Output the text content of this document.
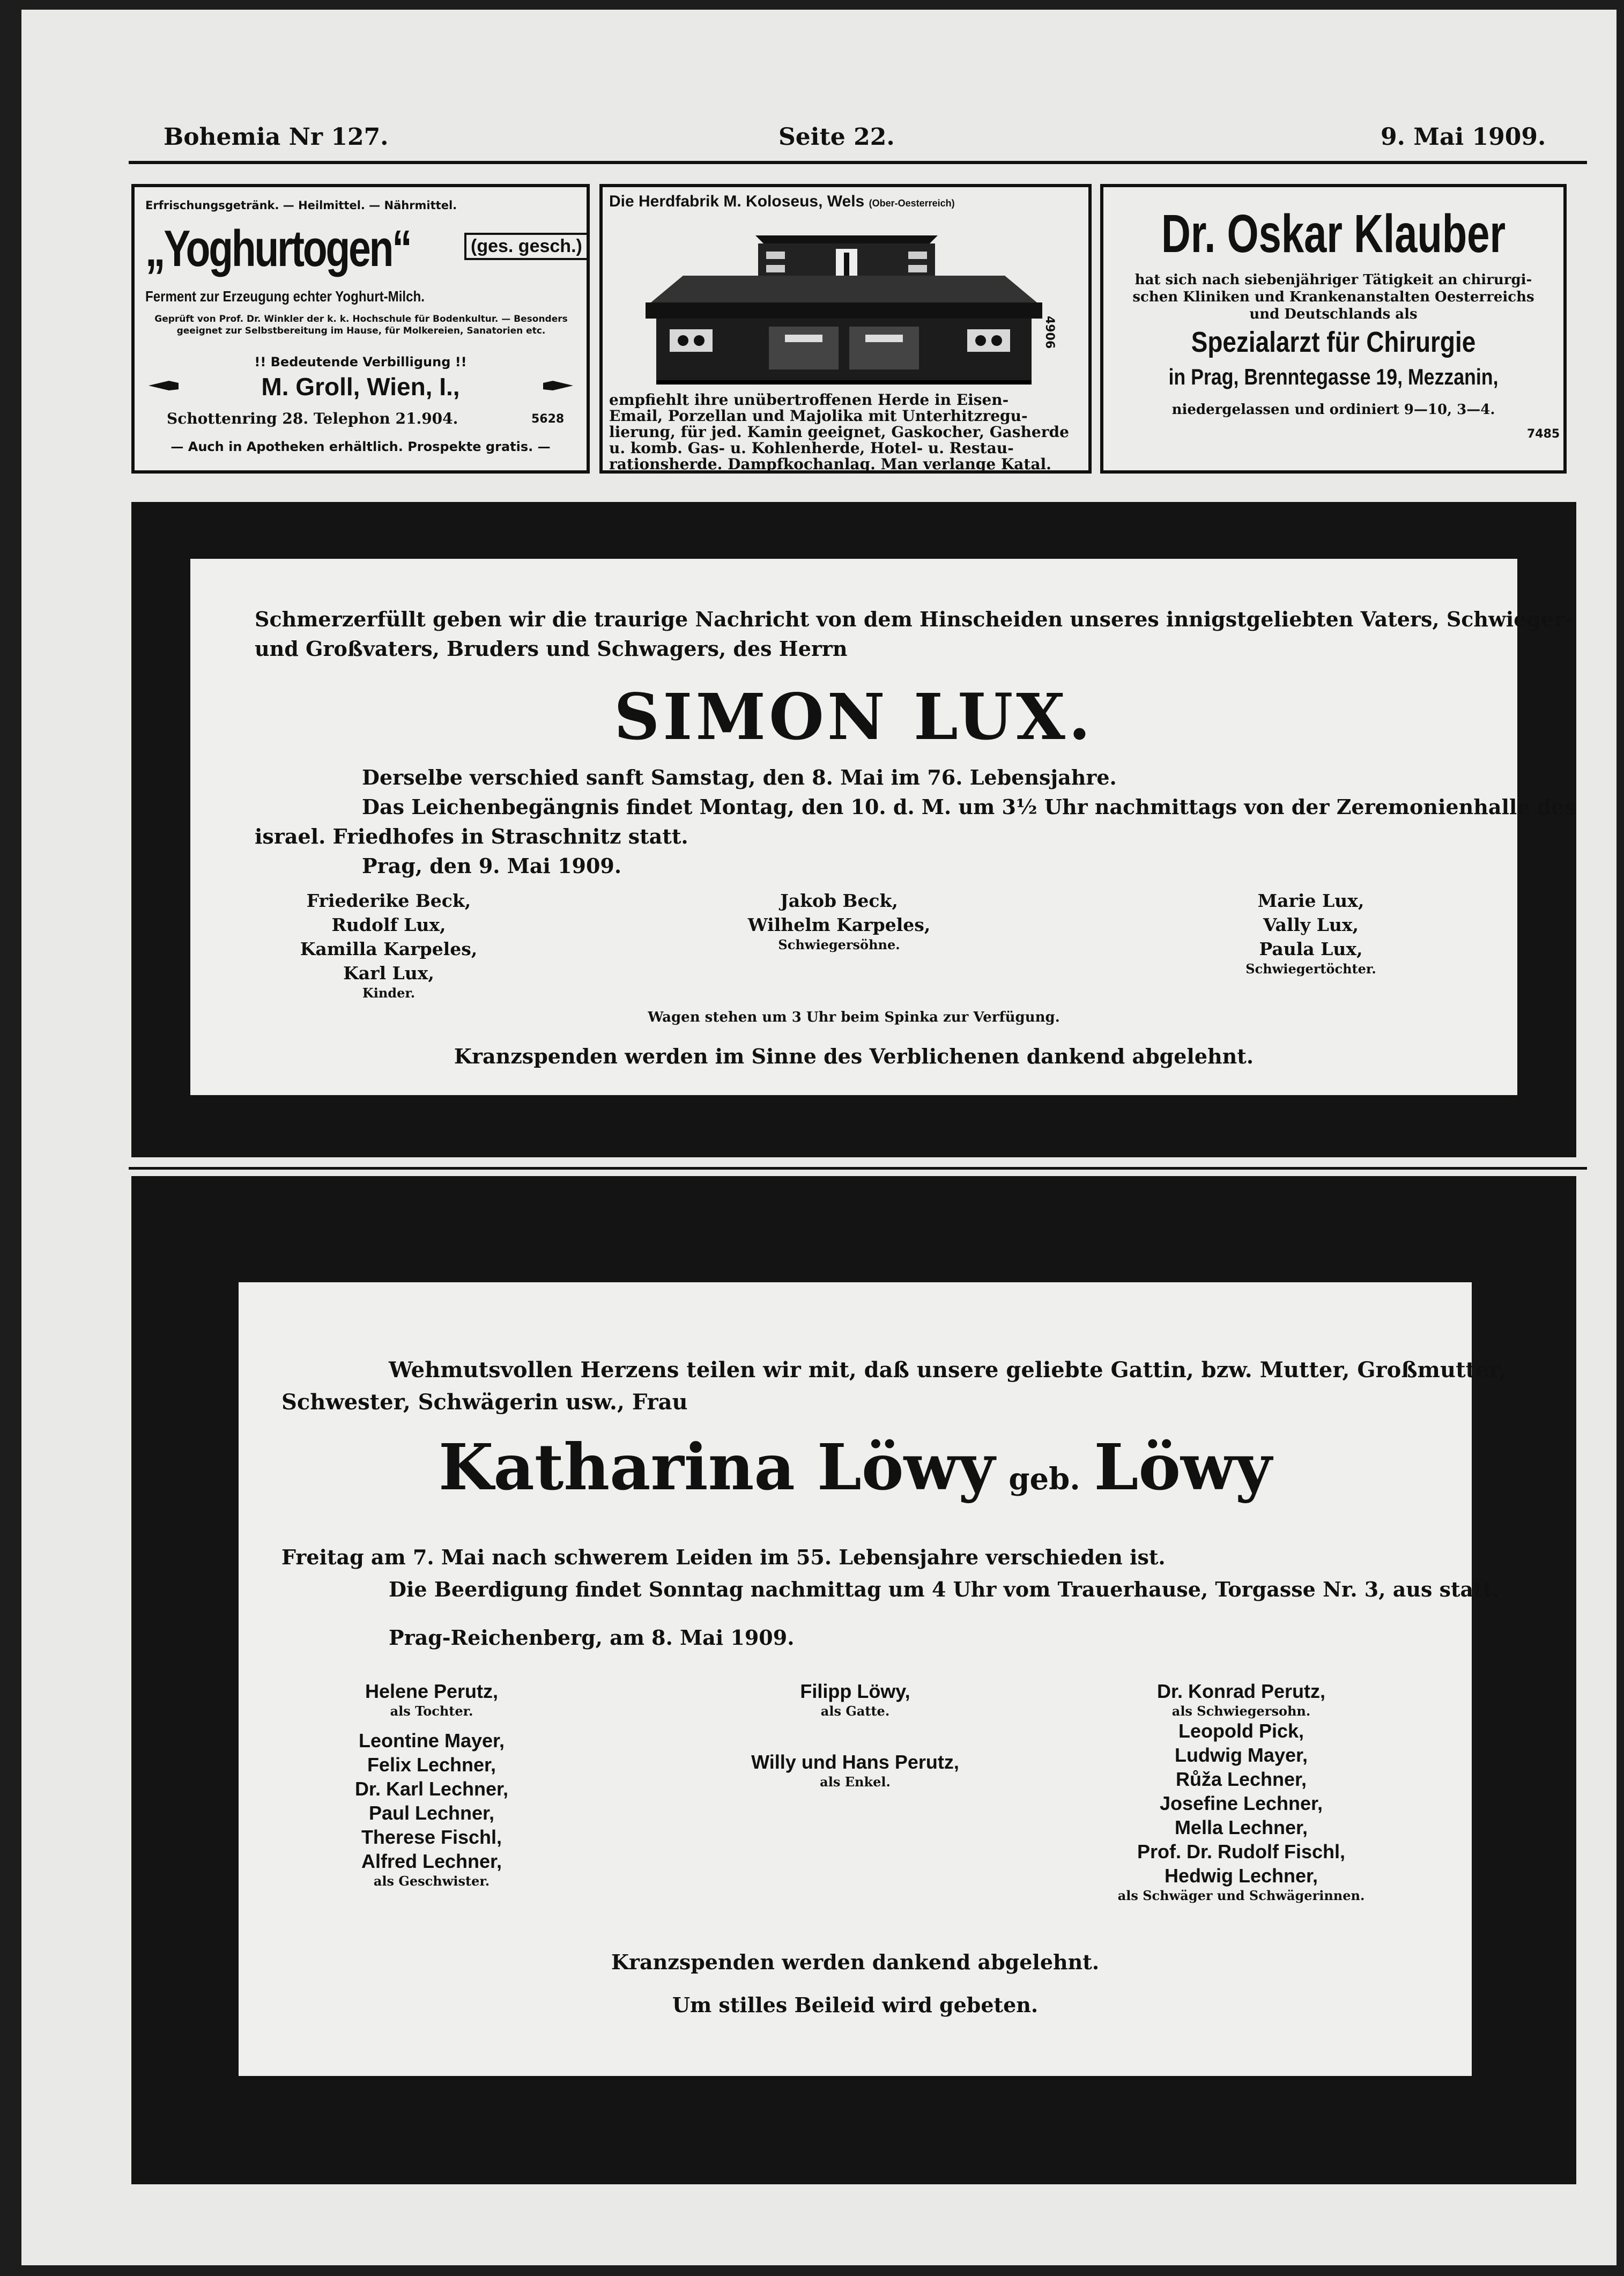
Bohemia Nr 127.	Seite 22.	9. Mai 1909.
Erfrischungsgetränk. — Heilmittel. — Nährmittel.
„Yoghurtogen“	(ges. gesch.)
Ferment zur Erzeugung echter Yoghurt-Milch.
Geprüft von Prof. Dr. Winkler der k. k. Hochschule für Bodenkultur. — Besonders geeignet zur Selbstbereitung im Hause, für Molkereien, Sanatorien etc.
!! Bedeutende Verbilligung !!
M. Groll, Wien, I.,
Schottenring 28. Telephon 21.904.	5628
— Auch in Apotheken erhältlich. Prospekte gratis. —
Die Herdfabrik M. Koloseus, Wels (Ober-Oesterreich)
4906
empfiehlt ihre unübertroffenen Herde in Eisen-
Email, Porzellan und Majolika mit Unterhitzregu-
lierung, für jed. Kamin geeignet, Gaskocher, Gasherde
u. komb. Gas- u. Kohlenherde, Hotel- u. Restau-
rationsherde. Dampfkochanlag. Man verlange Katal.
Dr. Oskar Klauber
hat sich nach siebenjähriger Tätigkeit an chirurgi-
schen Kliniken und Krankenanstalten Oesterreichs
und Deutschlands als
Spezialarzt für Chirurgie
in Prag, Brenntegasse 19, Mezzanin,
niedergelassen und ordiniert 9—10, 3—4.
7485
Schmerzerfüllt geben wir die traurige Nachricht von dem Hinscheiden unseres innigstgeliebten Vaters, Schwieger-
und Großvaters, Bruders und Schwagers, des Herrn
SIMON LUX.
Derselbe verschied sanft Samstag, den 8. Mai im 76. Lebensjahre.
Das Leichenbegängnis findet Montag, den 10. d. M. um 3½ Uhr nachmittags von der Zeremonienhalle des
israel. Friedhofes in Straschnitz statt.
Prag, den 9. Mai 1909.
Friederike Beck,
Rudolf Lux,
Kamilla Karpeles,
Karl Lux,
Kinder.
Jakob Beck,
Wilhelm Karpeles,
Schwiegersöhne.
Marie Lux,
Vally Lux,
Paula Lux,
Schwiegertöchter.
Wagen stehen um 3 Uhr beim Spinka zur Verfügung.
Kranzspenden werden im Sinne des Verblichenen dankend abgelehnt.
Wehmutsvollen Herzens teilen wir mit, daß unsere geliebte Gattin, bzw. Mutter, Großmutter,
Schwester, Schwägerin usw., Frau
Katharina Löwy geb. Löwy
Freitag am 7. Mai nach schwerem Leiden im 55. Lebensjahre verschieden ist.
Die Beerdigung findet Sonntag nachmittag um 4 Uhr vom Trauerhause, Torgasse Nr. 3, aus statt.
Prag-Reichenberg, am 8. Mai 1909.
Helene Perutz,
als Tochter.
Leontine Mayer,
Felix Lechner,
Dr. Karl Lechner,
Paul Lechner,
Therese Fischl,
Alfred Lechner,
als Geschwister.
Filipp Löwy,
als Gatte.
Willy und Hans Perutz,
als Enkel.
Dr. Konrad Perutz,
als Schwiegersohn.
Leopold Pick,
Ludwig Mayer,
Růža Lechner,
Josefine Lechner,
Mella Lechner,
Prof. Dr. Rudolf Fischl,
Hedwig Lechner,
als Schwäger und Schwägerinnen.
Kranzspenden werden dankend abgelehnt.
Um stilles Beileid wird gebeten.
